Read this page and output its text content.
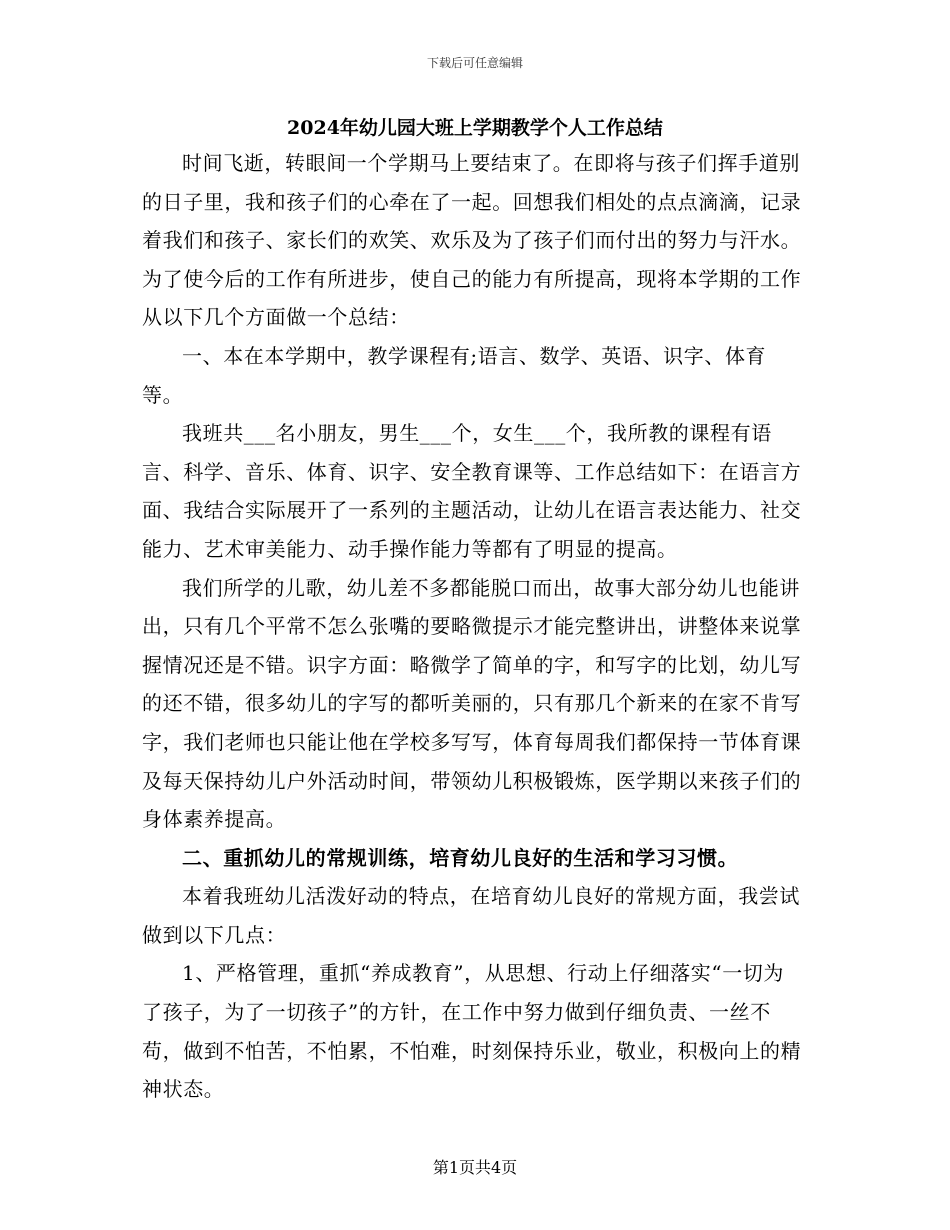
下载后可任意编辑
2024年幼儿园大班上学期教学个人工作总结

时间飞逝，转眼间一个学期马上要结束了。在即将与孩子们挥手道别的日子里，我和孩子们的心牵在了一起。回想我们相处的点点滴滴，记录着我们和孩子、家长们的欢笑、欢乐及为了孩子们而付出的努力与汗水。为了使今后的工作有所进步，使自己的能力有所提高，现将本学期的工作从以下几个方面做一个总结：

一、本在本学期中，教学课程有;语言、数学、英语、识字、体育等。

我班共___名小朋友，男生___个，女生___个，我所教的课程有语言、科学、音乐、体育、识字、安全教育课等、工作总结如下：在语言方面、我结合实际展开了一系列的主题活动，让幼儿在语言表达能力、社交能力、艺术审美能力、动手操作能力等都有了明显的提高。

我们所学的儿歌，幼儿差不多都能脱口而出，故事大部分幼儿也能讲出，只有几个平常不怎么张嘴的要略微提示才能完整讲出，讲整体来说掌握情况还是不错。识字方面：略微学了简单的字，和写字的比划，幼儿写的还不错，很多幼儿的字写的都听美丽的，只有那几个新来的在家不肯写字，我们老师也只能让他在学校多写写，体育每周我们都保持一节体育课及每天保持幼儿户外活动时间，带领幼儿积极锻炼，医学期以来孩子们的身体素养提高。

二、重抓幼儿的常规训练，培育幼儿良好的生活和学习习惯。

本着我班幼儿活泼好动的特点，在培育幼儿良好的常规方面，我尝试做到以下几点：

1、严格管理，重抓“养成教育”，从思想、行动上仔细落实“一切为了孩子，为了一切孩子”的方针，在工作中努力做到仔细负责、一丝不苟，做到不怕苦，不怕累，不怕难，时刻保持乐业，敬业，积极向上的精神状态。

第1页共4页
